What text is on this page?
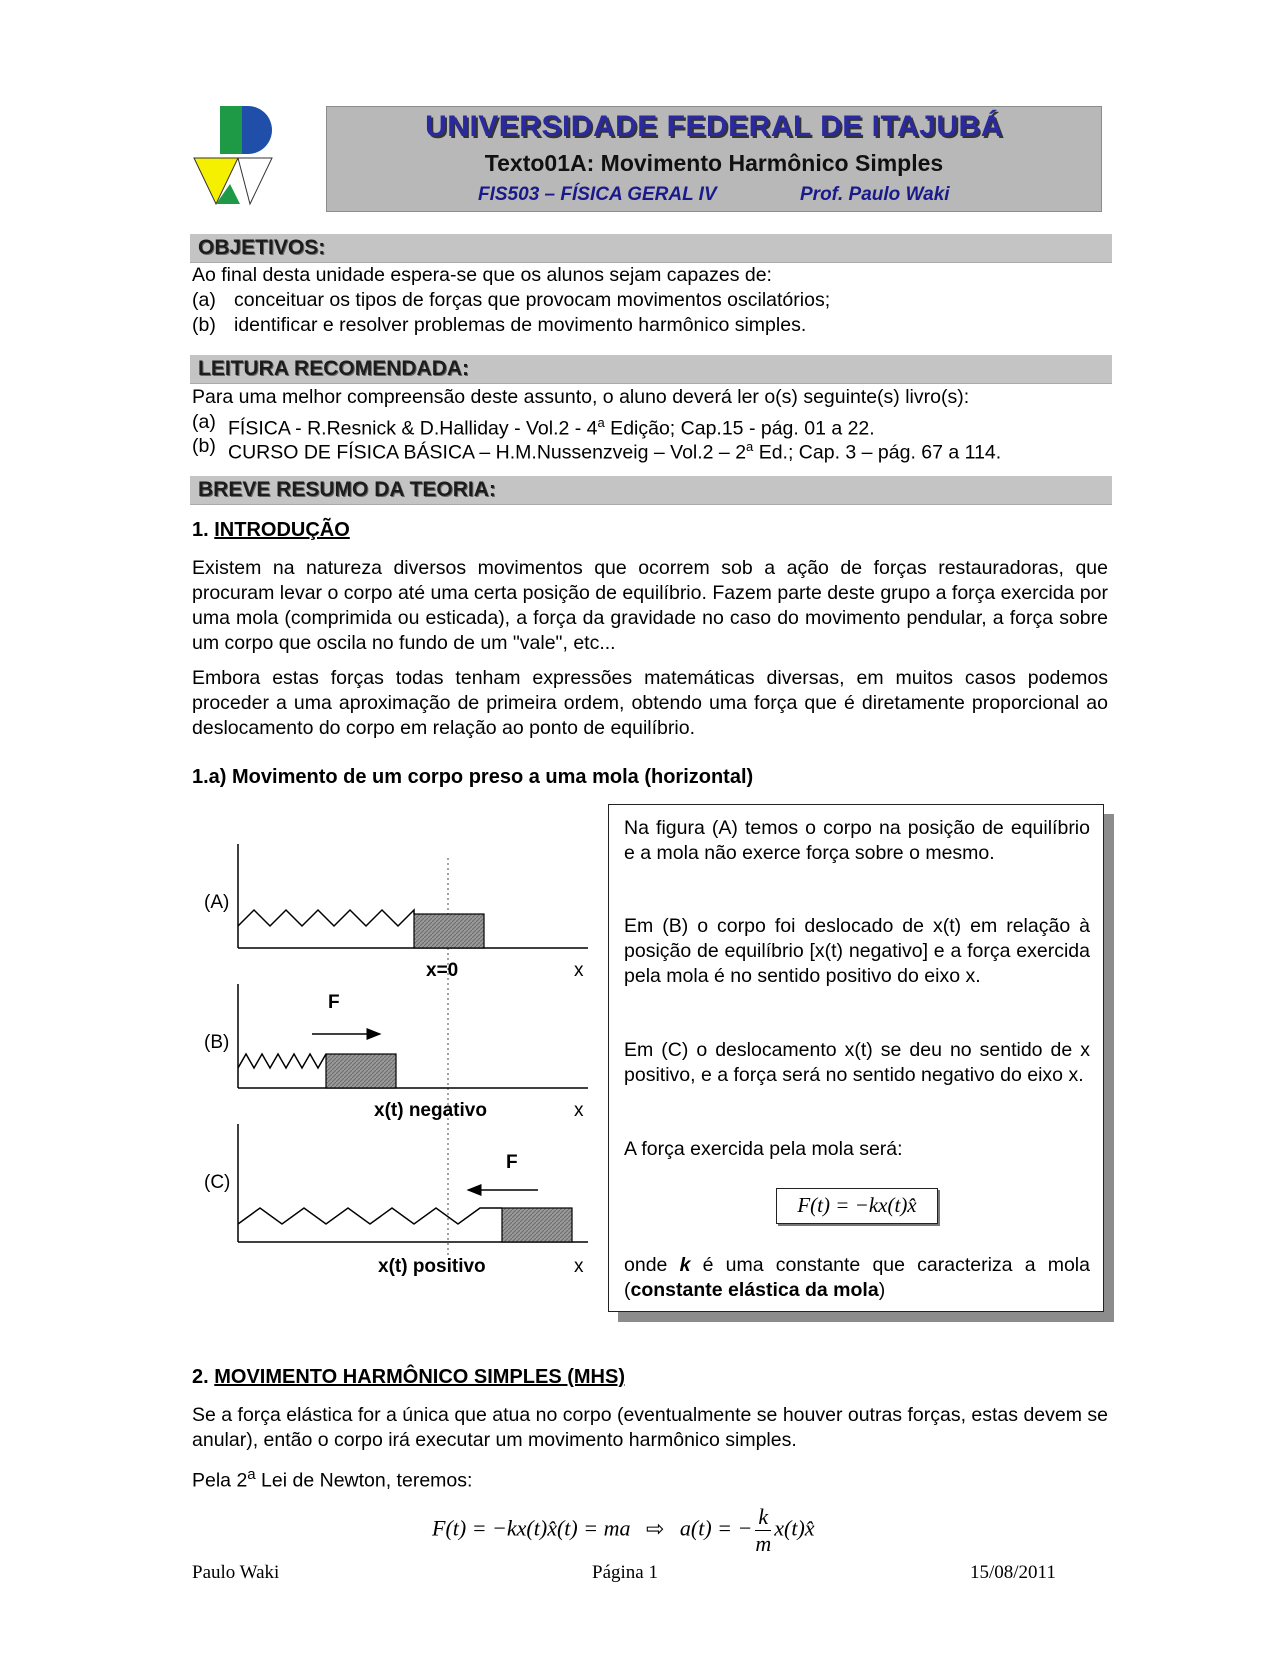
UNIVERSIDADE FEDERAL DE ITAJUBÁ
Texto01A: Movimento Harmônico Simples
FIS503 – FÍSICA GERAL IV	Prof. Paulo Waki
OBJETIVOS:
Ao final desta unidade espera-se que os alunos sejam capazes de:
(a) conceituar os tipos de forças que provocam movimentos oscilatórios;
(b) identificar e resolver problemas de movimento harmônico simples.
LEITURA RECOMENDADA:
Para uma melhor compreensão deste assunto, o aluno deverá ler o(s) seguinte(s) livro(s):
(a) FÍSICA - R.Resnick & D.Halliday - Vol.2 - 4$^a$ Edição; Cap.15 - pág. 01 a 22.
(b) CURSO DE FÍSICA BÁSICA – H.M.Nussenzveig – Vol.2 – 2$^a$ Ed.; Cap. 3 – pág. 67 a 114.
BREVE RESUMO DA TEORIA:
1. INTRODUÇÃO
Existem na natureza diversos movimentos que ocorrem sob a ação de forças restauradoras, que procuram levar o corpo até uma certa posição de equilíbrio. Fazem parte deste grupo a força exercida por uma mola (comprimida ou esticada), a força da gravidade no caso do movimento pendular, a força sobre um corpo que oscila no fundo de um "vale", etc...
Embora estas forças todas tenham expressões matemáticas diversas, em muitos casos podemos proceder a uma aproximação de primeira ordem, obtendo uma força que é diretamente proporcional ao deslocamento do corpo em relação ao ponto de equilíbrio.
1.a) Movimento de um corpo preso a uma mola (horizontal)
(A)
x=0	x
F
(B)
x(t) negativo	x
F
(C)
x(t) positivo	x
Na figura (A) temos o corpo na posição de equilíbrio e a mola não exerce força sobre o mesmo.
Em (B) o corpo foi deslocado de x(t) em relação à posição de equilíbrio [x(t) negativo] e a força exercida pela mola é no sentido positivo do eixo x.
Em (C) o deslocamento x(t) se deu no sentido de x positivo, e a força será no sentido negativo do eixo x.
A força exercida pela mola será:
F(t) = −kx(t)x̂
onde k é uma constante que caracteriza a mola (constante elástica da mola)
2. MOVIMENTO HARMÔNICO SIMPLES (MHS)
Se a força elástica for a única que atua no corpo (eventualmente se houver outras forças, estas devem se anular), então o corpo irá executar um movimento harmônico simples.
Pela 2$^a$ Lei de Newton, teremos:
F(t) = −kx(t)x̂(t) = ma ⇨ a(t) = − $\frac{k}{m}$ x(t)x̂
Paulo Waki	Página 1	15/08/2011
